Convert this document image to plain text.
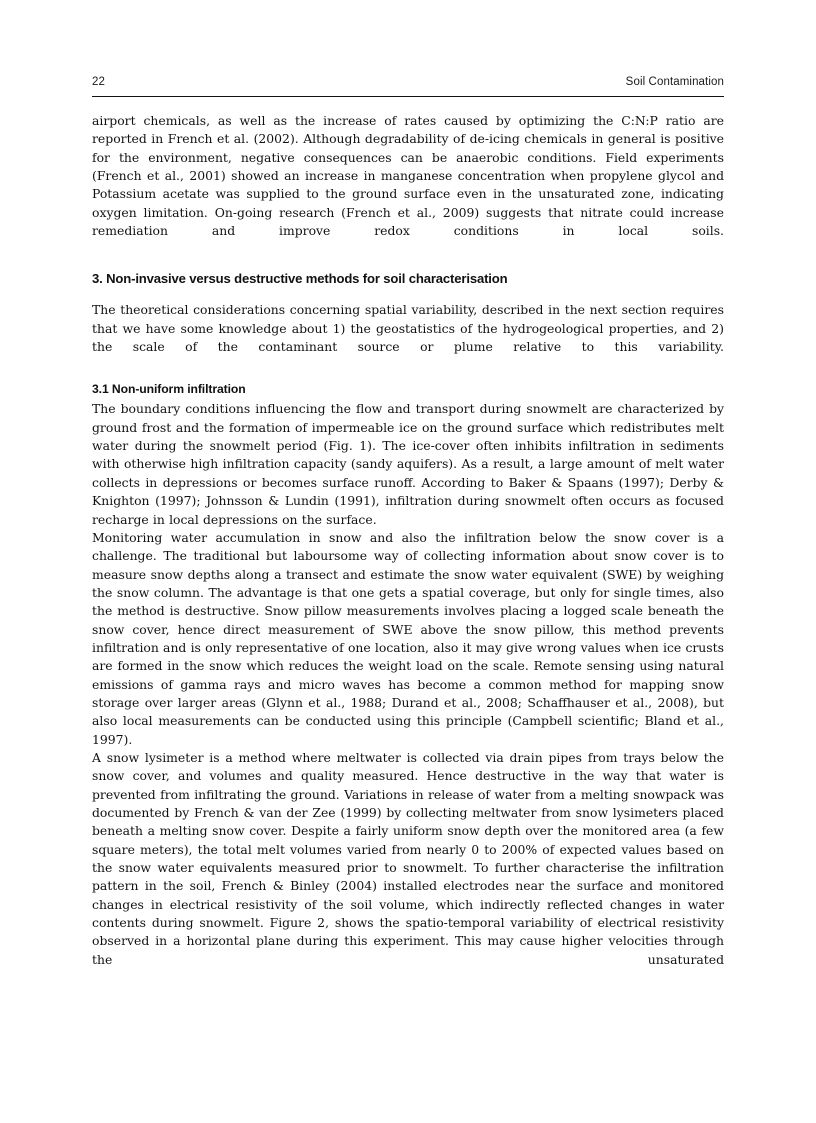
22	Soil Contamination

airport chemicals, as well as the increase of rates caused by optimizing the C:N:P ratio are reported in French et al. (2002). Although degradability of de-icing chemicals in general is positive for the environment, negative consequences can be anaerobic conditions. Field experiments (French et al., 2001) showed an increase in manganese concentration when propylene glycol and Potassium acetate was supplied to the ground surface even in the unsaturated zone, indicating oxygen limitation. On-going research (French et al., 2009) suggests that nitrate could increase remediation and improve redox conditions in local soils.

3. Non-invasive versus destructive methods for soil characterisation

The theoretical considerations concerning spatial variability, described in the next section requires that we have some knowledge about 1) the geostatistics of the hydrogeological properties, and 2) the scale of the contaminant source or plume relative to this variability.

3.1 Non-uniform infiltration

The boundary conditions influencing the flow and transport during snowmelt are characterized by ground frost and the formation of impermeable ice on the ground surface which redistributes melt water during the snowmelt period (Fig. 1). The ice-cover often inhibits infiltration in sediments with otherwise high infiltration capacity (sandy aquifers). As a result, a large amount of melt water collects in depressions or becomes surface runoff. According to Baker & Spaans (1997); Derby & Knighton (1997); Johnsson & Lundin (1991), infiltration during snowmelt often occurs as focused recharge in local depressions on the surface.

Monitoring water accumulation in snow and also the infiltration below the snow cover is a challenge. The traditional but laboursome way of collecting information about snow cover is to measure snow depths along a transect and estimate the snow water equivalent (SWE) by weighing the snow column. The advantage is that one gets a spatial coverage, but only for single times, also the method is destructive. Snow pillow measurements involves placing a logged scale beneath the snow cover, hence direct measurement of SWE above the snow pillow, this method prevents infiltration and is only representative of one location, also it may give wrong values when ice crusts are formed in the snow which reduces the weight load on the scale. Remote sensing using natural emissions of gamma rays and micro waves has become a common method for mapping snow storage over larger areas (Glynn et al., 1988; Durand et al., 2008; Schaffhauser et al., 2008), but also local measurements can be conducted using this principle (Campbell scientific; Bland et al., 1997).

A snow lysimeter is a method where meltwater is collected via drain pipes from trays below the snow cover, and volumes and quality measured. Hence destructive in the way that water is prevented from infiltrating the ground. Variations in release of water from a melting snowpack was documented by French & van der Zee (1999) by collecting meltwater from snow lysimeters placed beneath a melting snow cover. Despite a fairly uniform snow depth over the monitored area (a few square meters), the total melt volumes varied from nearly 0 to 200% of expected values based on the snow water equivalents measured prior to snowmelt. To further characterise the infiltration pattern in the soil, French & Binley (2004) installed electrodes near the surface and monitored changes in electrical resistivity of the soil volume, which indirectly reflected changes in water contents during snowmelt. Figure 2, shows the spatio-temporal variability of electrical resistivity observed in a horizontal plane during this experiment. This may cause higher velocities through the unsaturated
